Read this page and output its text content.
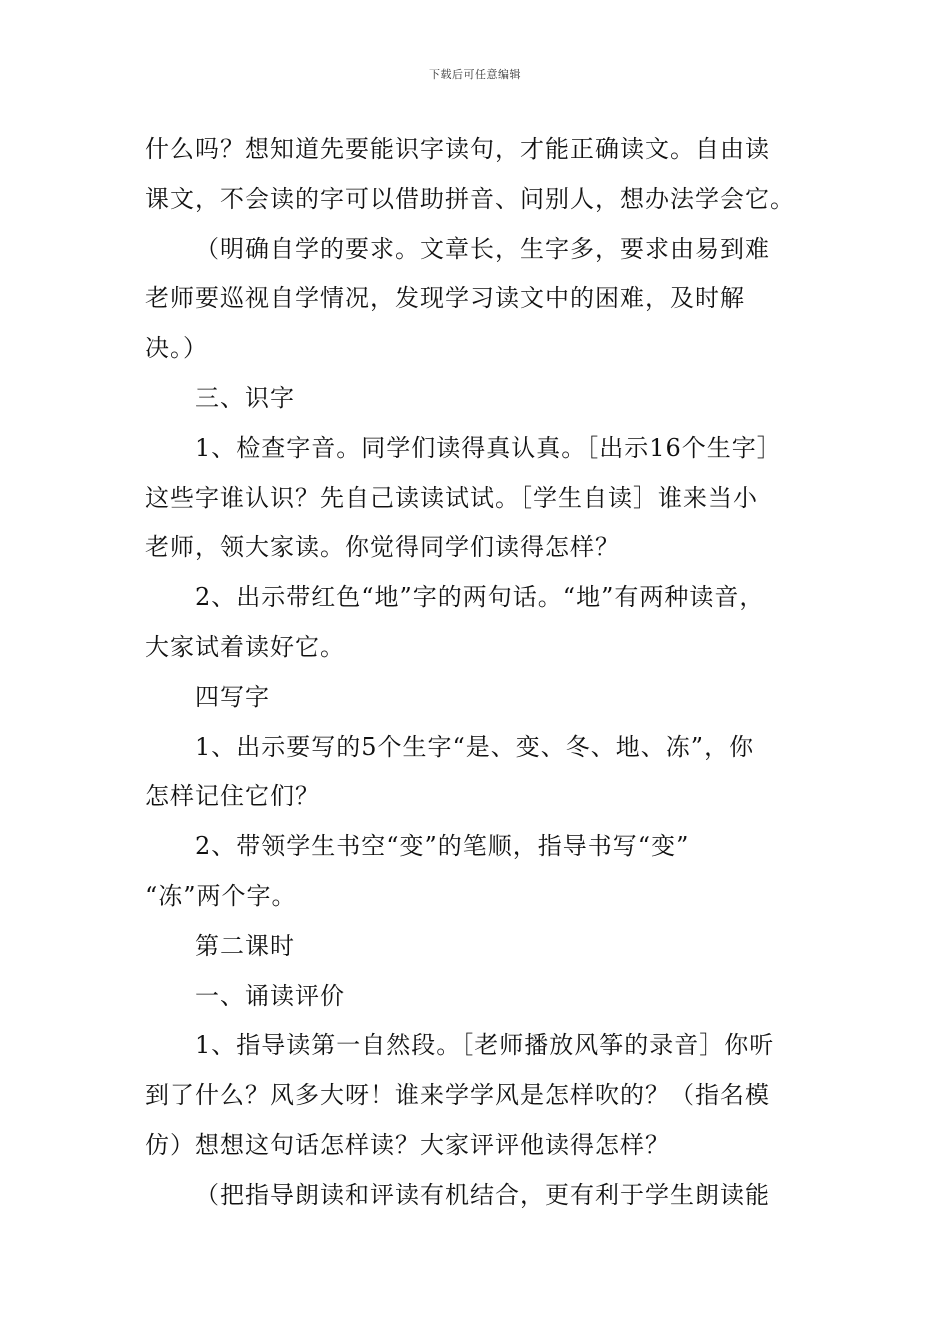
下载后可任意编辑
什么吗？想知道先要能识字读句，才能正确读文。自由读
课文，不会读的字可以借助拼音、问别人，想办法学会它。
（明确自学的要求。文章长，生字多，要求由易到难
老师要巡视自学情况，发现学习读文中的困难，及时解
决。）
三、识字
1、检查字音。同学们读得真认真。［出示16个生字］
这些字谁认识？先自己读读试试。［学生自读］谁来当小
老师，领大家读。你觉得同学们读得怎样？
2、出示带红色“地”字的两句话。“地”有两种读音，
大家试着读好它。
四写字
1、出示要写的5个生字“是、变、冬、地、冻”，你
怎样记住它们？
2、带领学生书空“变”的笔顺，指导书写“变”
“冻”两个字。
第二课时
一、诵读评价
1、指导读第一自然段。［老师播放风筝的录音］你听
到了什么？风多大呀！谁来学学风是怎样吹的？（指名模
仿）想想这句话怎样读？大家评评他读得怎样？
（把指导朗读和评读有机结合，更有利于学生朗读能
